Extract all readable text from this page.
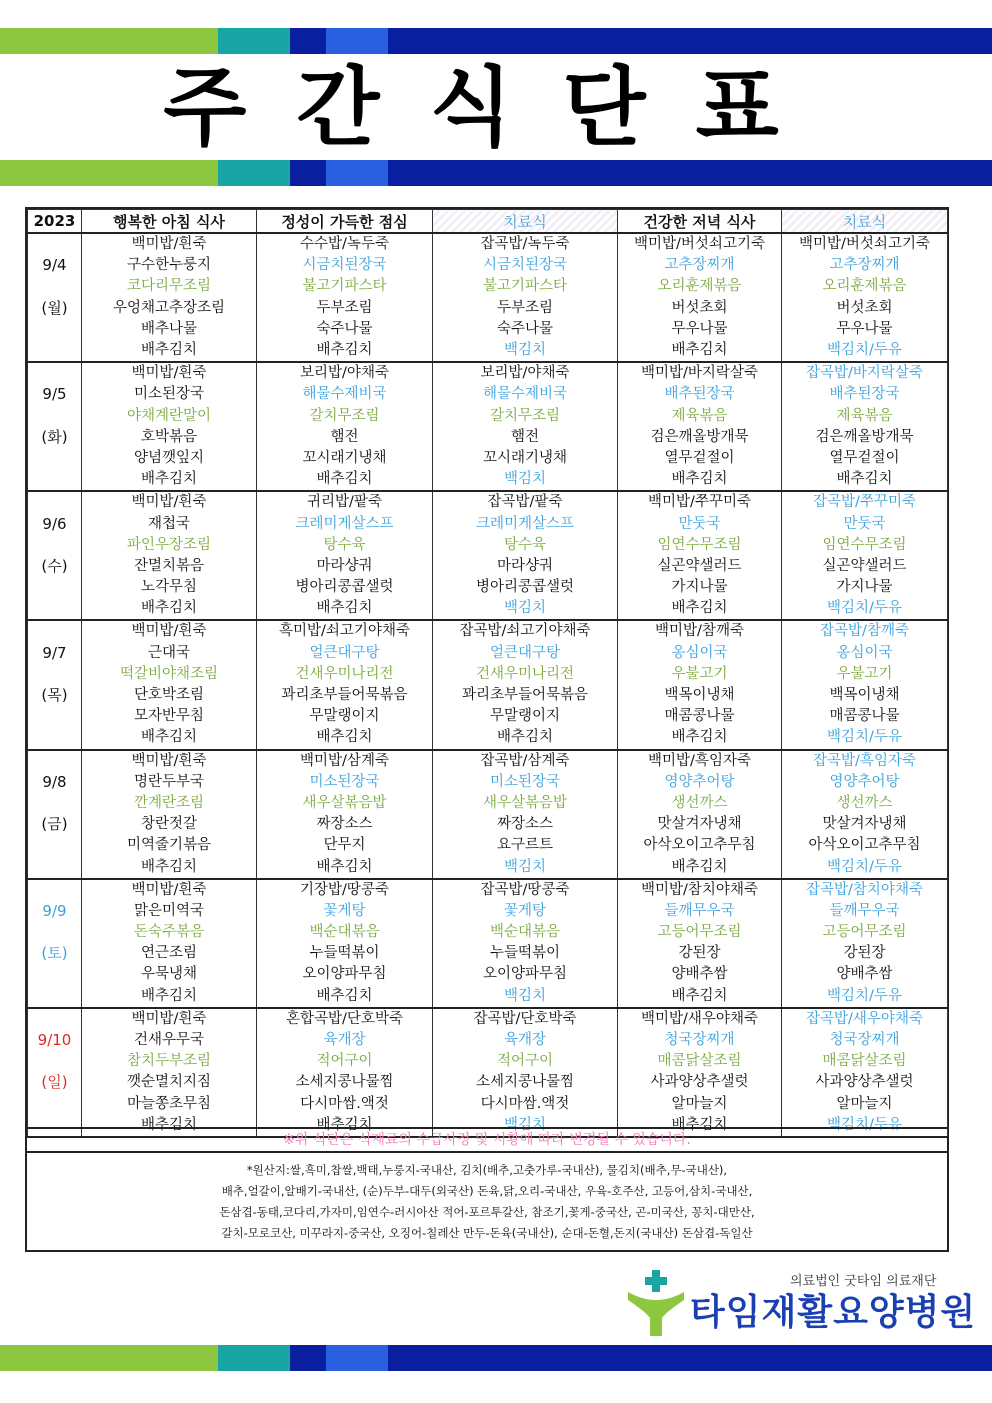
주간식단표
2023	행복한 아침 식사	정성이 가득한 점심	치료식	건강한 저녁 식사	치료식
	백미밥/흰죽	수수밥/녹두죽	잡곡밥/녹두죽	백미밥/버섯쇠고기죽	백미밥/버섯쇠고기죽
9/4	구수한누룽지	시금치된장국	시금치된장국	고추장찌개	고추장찌개
	코다리무조림	불고기파스타	불고기파스타	오리훈제볶음	오리훈제볶음
(월)	우엉채고추장조림	두부조림	두부조림	버섯초회	버섯초회
	배추나물	숙주나물	숙주나물	무우나물	무우나물
	배추김치	배추김치	백김치	배추김치	백김치/두유
	백미밥/흰죽	보리밥/야채죽	보리밥/야채죽	백미밥/바지락살죽	잡곡밥/바지락살죽
9/5	미소된장국	해물수제비국	해물수제비국	배추된장국	배추된장국
	야채계란말이	갈치무조림	갈치무조림	제육볶음	제육볶음
(화)	호박볶음	햄전	햄전	검은깨올방개묵	검은깨올방개묵
	양념깻잎지	꼬시래기냉채	꼬시래기냉채	열무겉절이	열무겉절이
	배추김치	배추김치	백김치	배추김치	배추김치
	백미밥/흰죽	귀리밥/팥죽	잡곡밥/팥죽	백미밥/쭈꾸미죽	잡곡밥/쭈꾸미죽
9/6	재첩국	크레미게살스프	크레미게살스프	만둣국	만둣국
	파인우장조림	탕수육	탕수육	임연수무조림	임연수무조림
(수)	잔멸치볶음	마라샹궈	마라샹궈	실곤약샐러드	실곤약샐러드
	노각무침	병아리콩콥샐럿	병아리콩콥샐럿	가지나물	가지나물
	배추김치	배추김치	백김치	배추김치	백김치/두유
	백미밥/흰죽	흑미밥/쇠고기야채죽	잡곡밥/쇠고기야채죽	백미밥/참깨죽	잡곡밥/참깨죽
9/7	근대국	얼큰대구탕	얼큰대구탕	옹심이국	옹심이국
	떡갈비야채조림	건새우미나리전	건새우미나리전	우불고기	우불고기
(목)	단호박조림	꽈리초부들어묵볶음	꽈리초부들어묵볶음	백목이냉채	백목이냉채
	모자반무침	무말랭이지	무말랭이지	매콤콩나물	매콤콩나물
	배추김치	배추김치	배추김치	배추김치	백김치/두유
	백미밥/흰죽	백미밥/삼계죽	잡곡밥/삼계죽	백미밥/흑임자죽	잡곡밥/흑임자죽
9/8	명란두부국	미소된장국	미소된장국	영양추어탕	영양추어탕
	깐계란조림	새우살볶음밥	새우살볶음밥	생선까스	생선까스
(금)	창란젓갈	짜장소스	짜장소스	맛살겨자냉채	맛살겨자냉채
	미역줄기볶음	단무지	요구르트	아삭오이고추무침	아삭오이고추무침
	배추김치	배추김치	백김치	배추김치	백김치/두유
	백미밥/흰죽	기장밥/땅콩죽	잡곡밥/땅콩죽	백미밥/참치야채죽	잡곡밥/참치야채죽
9/9	맑은미역국	꽃게탕	꽃게탕	들깨무우국	들깨무우국
	돈숙주볶음	백순대볶음	백순대볶음	고등어무조림	고등어무조림
(토)	연근조림	누들떡볶이	누들떡볶이	강된장	강된장
	우묵냉채	오이양파무침	오이양파무침	양배추쌈	양배추쌈
	배추김치	배추김치	백김치	배추김치	백김치/두유
	백미밥/흰죽	혼합곡밥/단호박죽	잡곡밥/단호박죽	백미밥/새우야채죽	잡곡밥/새우야채죽
9/10	건새우무국	육개장	육개장	청국장찌개	청국장찌개
	참치두부조림	적어구이	적어구이	매콤닭살조림	매콤닭살조림
(일)	깻순멸치지짐	소세지콩나물찜	소세지콩나물찜	사과양상추샐럿	사과양상추샐럿
	마늘쫑초무침	다시마쌈.액젓	다시마쌈.액젓	알마늘지	알마늘지
	배추김치	배추김치	백김치	배추김치	백김치/두유
※위 식단은 식재료의 수급사정 및 시황에 따라 변경될 수 있습니다.
*원산지:쌀,흑미,찹쌀,백태,누룽지-국내산, 김치(배추,고춧가루-국내산), 물김치(배추,무-국내산),
배추,얼갈이,알배기-국내산, (순)두부-대두(외국산) 돈육,닭,오리-국내산, 우육-호주산, 고등어,삼치-국내산,
돈삼겹-동태,코다리,가자미,임연수-러시아산 적어-포르투갈산, 참조기,꽃게-중국산, 곤-미국산, 꽁치-대만산,
갈치-모로코산, 미꾸라지-중국산, 오징어-칠레산 만두-돈육(국내산), 순대-돈혈,돈지(국내산) 돈삼겹-독일산
의료법인 굿타임 의료재단
타임재활요양병원
